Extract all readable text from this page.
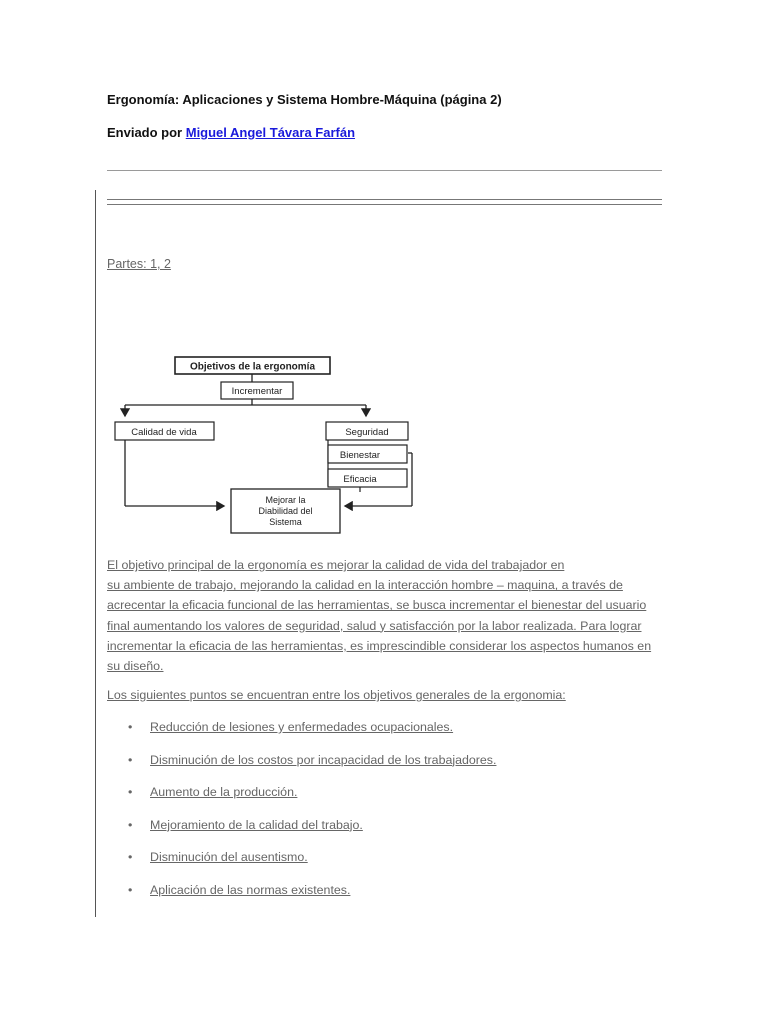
Ergonomía: Aplicaciones y Sistema Hombre-Máquina (página 2)
Enviado por Miguel Angel Távara Farfán
Partes: 1, 2
Objetivos de la ergonomía
Incrementar
Calidad de vida	Seguridad
Bienestar
Eficacia
Mejorar la
Diabilidad del
Sistema
El objetivo principal de la ergonomía es mejorar la calidad de vida del trabajador en
su ambiente de trabajo, mejorando la calidad en la interacción hombre – maquina, a través de
acrecentar la eficacia funcional de las herramientas, se busca incrementar el bienestar del usuario
final aumentando los valores de seguridad, salud y satisfacción por la labor realizada. Para lograr
incrementar la eficacia de las herramientas, es imprescindible considerar los aspectos humanos en
su diseño.
Los siguientes puntos se encuentran entre los objetivos generales de la ergonomia:
• Reducción de lesiones y enfermedades ocupacionales.
• Disminución de los costos por incapacidad de los trabajadores.
• Aumento de la producción.
• Mejoramiento de la calidad del trabajo.
• Disminución del ausentismo.
• Aplicación de las normas existentes.
